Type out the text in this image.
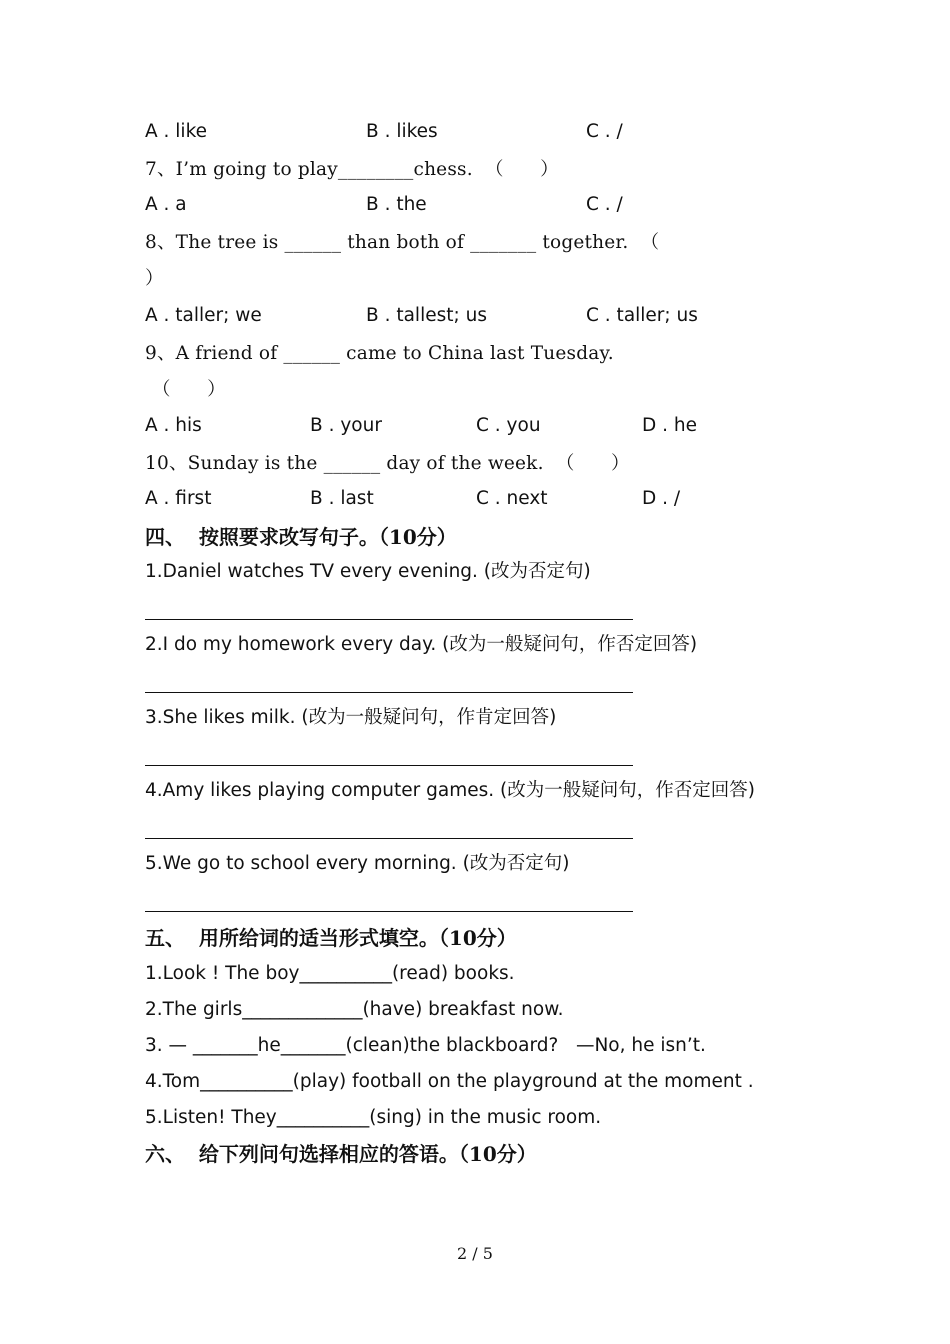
A . like	B . likes	C . /
7、I’m going to play________chess.  （      ）
A . a	B . the	C . /
8、The tree is ______ than both of _______ together.  （
）
A . taller; we	B . tallest; us	C . taller; us
9、A friend of ______ came to China last Tuesday.
（      ）
A . his	B . your	C . you	D . he
10、Sunday is the ______ day of the week.  （      ）
A . first	B . last	C . next	D . /
四、  按照要求改写句子。（10分）
1.Daniel watches TV every evening. (改为否定句)
2.I do my homework every day. (改为一般疑问句，作否定回答)
3.She likes milk. (改为一般疑问句，作肯定回答)
4.Amy likes playing computer games. (改为一般疑问句，作否定回答)
5.We go to school every morning. (改为否定句)
五、  用所给词的适当形式填空。（10分）
1.Look ! The boy__________(read) books.
2.The girls_____________(have) breakfast now.
3. — _______he_______(clean)the blackboard?   —No, he isn’t.
4.Tom__________(play) football on the playground at the moment .
5.Listen! They__________(sing) in the music room.
六、  给下列问句选择相应的答语。（10分）
2 / 5
